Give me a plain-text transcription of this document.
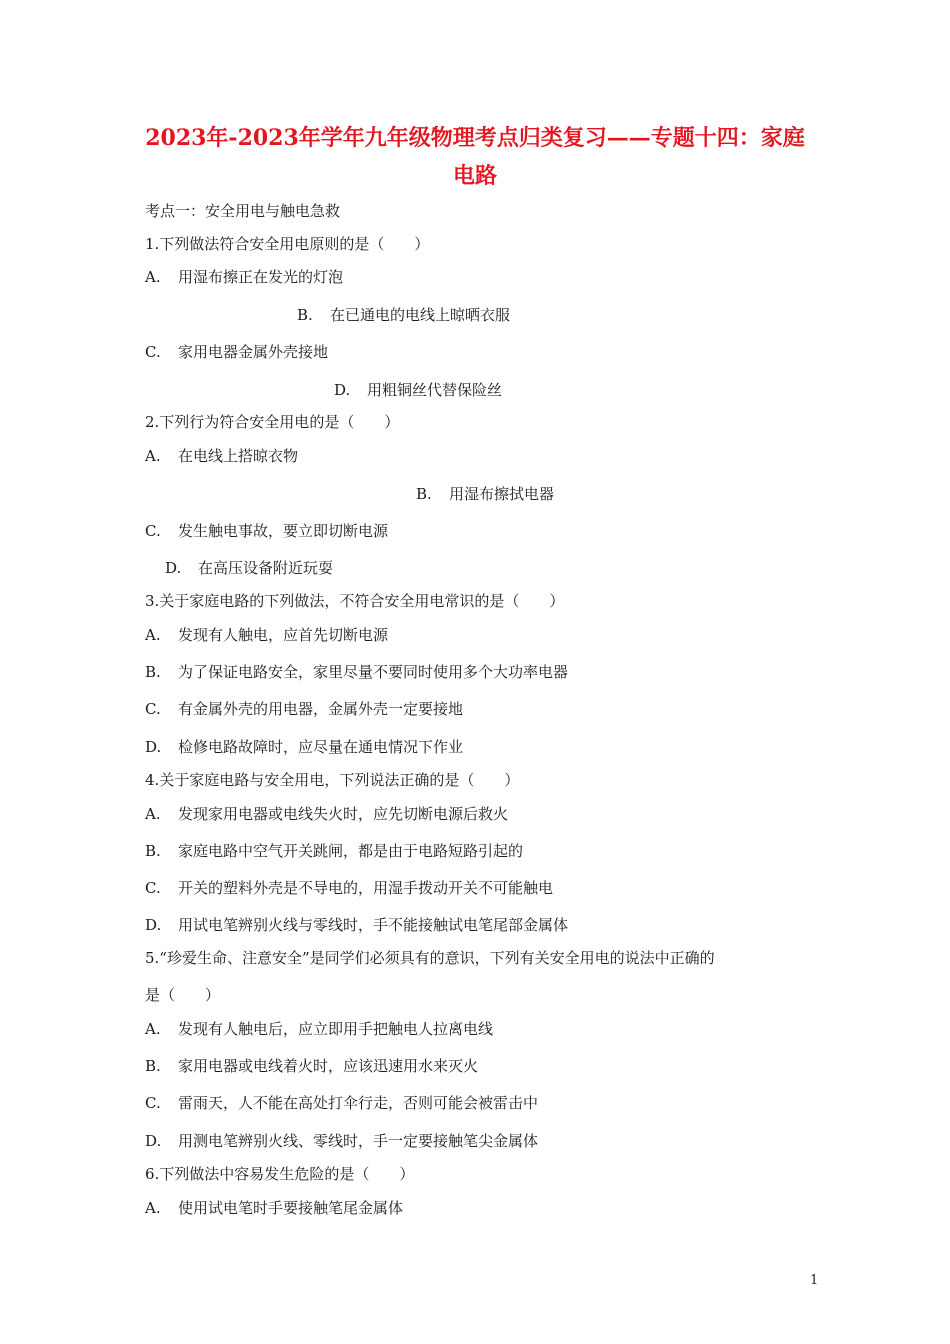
2023年-2023年学年九年级物理考点归类复习——专题十四：家庭
电路
考点一：安全用电与触电急救
1.下列做法符合安全用电原则的是（　　）
A. 用湿布擦正在发光的灯泡
B. 在已通电的电线上晾晒衣服
C. 家用电器金属外壳接地
D. 用粗铜丝代替保险丝
2.下列行为符合安全用电的是（　　）
A. 在电线上搭晾衣物
B. 用湿布擦拭电器
C. 发生触电事故，要立即切断电源
D. 在高压设备附近玩耍
3.关于家庭电路的下列做法，不符合安全用电常识的是（　　）
A. 发现有人触电，应首先切断电源
B. 为了保证电路安全，家里尽量不要同时使用多个大功率电器
C. 有金属外壳的用电器，金属外壳一定要接地
D. 检修电路故障时，应尽量在通电情况下作业
4.关于家庭电路与安全用电，下列说法正确的是（　　）
A. 发现家用电器或电线失火时，应先切断电源后救火
B. 家庭电路中空气开关跳闸，都是由于电路短路引起的
C. 开关的塑料外壳是不导电的，用湿手拨动开关不可能触电
D. 用试电笔辨别火线与零线时，手不能接触试电笔尾部金属体
5.“珍爱生命、注意安全”是同学们必须具有的意识，下列有关安全用电的说法中正确的
是（　　）
A. 发现有人触电后，应立即用手把触电人拉离电线
B. 家用电器或电线着火时，应该迅速用水来灭火
C. 雷雨天，人不能在高处打伞行走，否则可能会被雷击中
D. 用测电笔辨别火线、零线时，手一定要接触笔尖金属体
6.下列做法中容易发生危险的是（　　）
A. 使用试电笔时手要接触笔尾金属体
1
